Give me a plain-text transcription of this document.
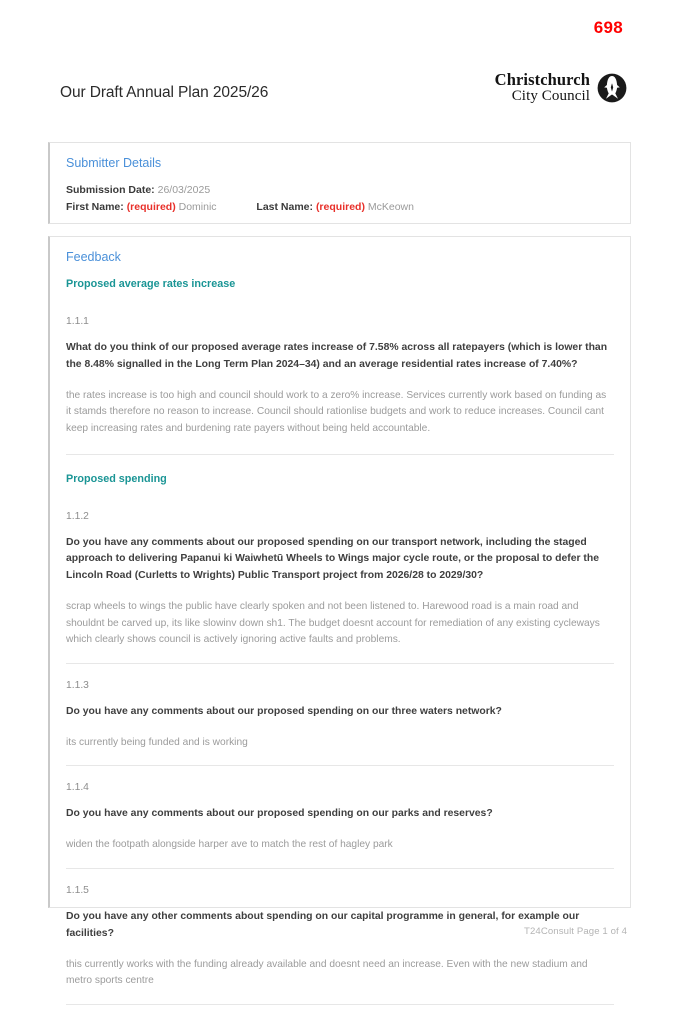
698
Our Draft Annual Plan 2025/26
Christchurch
City Council
Submitter Details
Submission Date: 26/03/2025
First Name: (required) Dominic	Last Name: (required) McKeown
Feedback
Proposed average rates increase
1.1.1
What do you think of our proposed average rates increase of 7.58% across all ratepayers (which is lower than the 8.48% signalled in the Long Term Plan 2024–34) and an average residential rates increase of 7.40%?
the rates increase is too high and council should work to a zero% increase. Services currently work based on funding as it stamds therefore no reason to increase. Council should rationlise budgets and work to reduce increases. Council cant keep increasing rates and burdening rate payers without being held accountable.
Proposed spending
1.1.2
Do you have any comments about our proposed spending on our transport network, including the staged approach to delivering Papanui ki Waiwhetū Wheels to Wings major cycle route, or the proposal to defer the Lincoln Road (Curletts to Wrights) Public Transport project from 2026/28 to 2029/30?
scrap wheels to wings the public have clearly spoken and not been listened to. Harewood road is a main road and shouldnt be carved up, its like slowinv down sh1. The budget doesnt account for remediation of any existing cycleways which clearly shows council is actively ignoring active faults and problems.
1.1.3
Do you have any comments about our proposed spending on our three waters network?
its currently being funded and is working
1.1.4
Do you have any comments about our proposed spending on our parks and reserves?
widen the footpath alongside harper ave to match the rest of hagley park
1.1.5
Do you have any other comments about spending on our capital programme in general, for example our facilities?
this currently works with the funding already available and doesnt need an increase. Even with the new stadium and metro sports centre
T24Consult Page 1 of 4
